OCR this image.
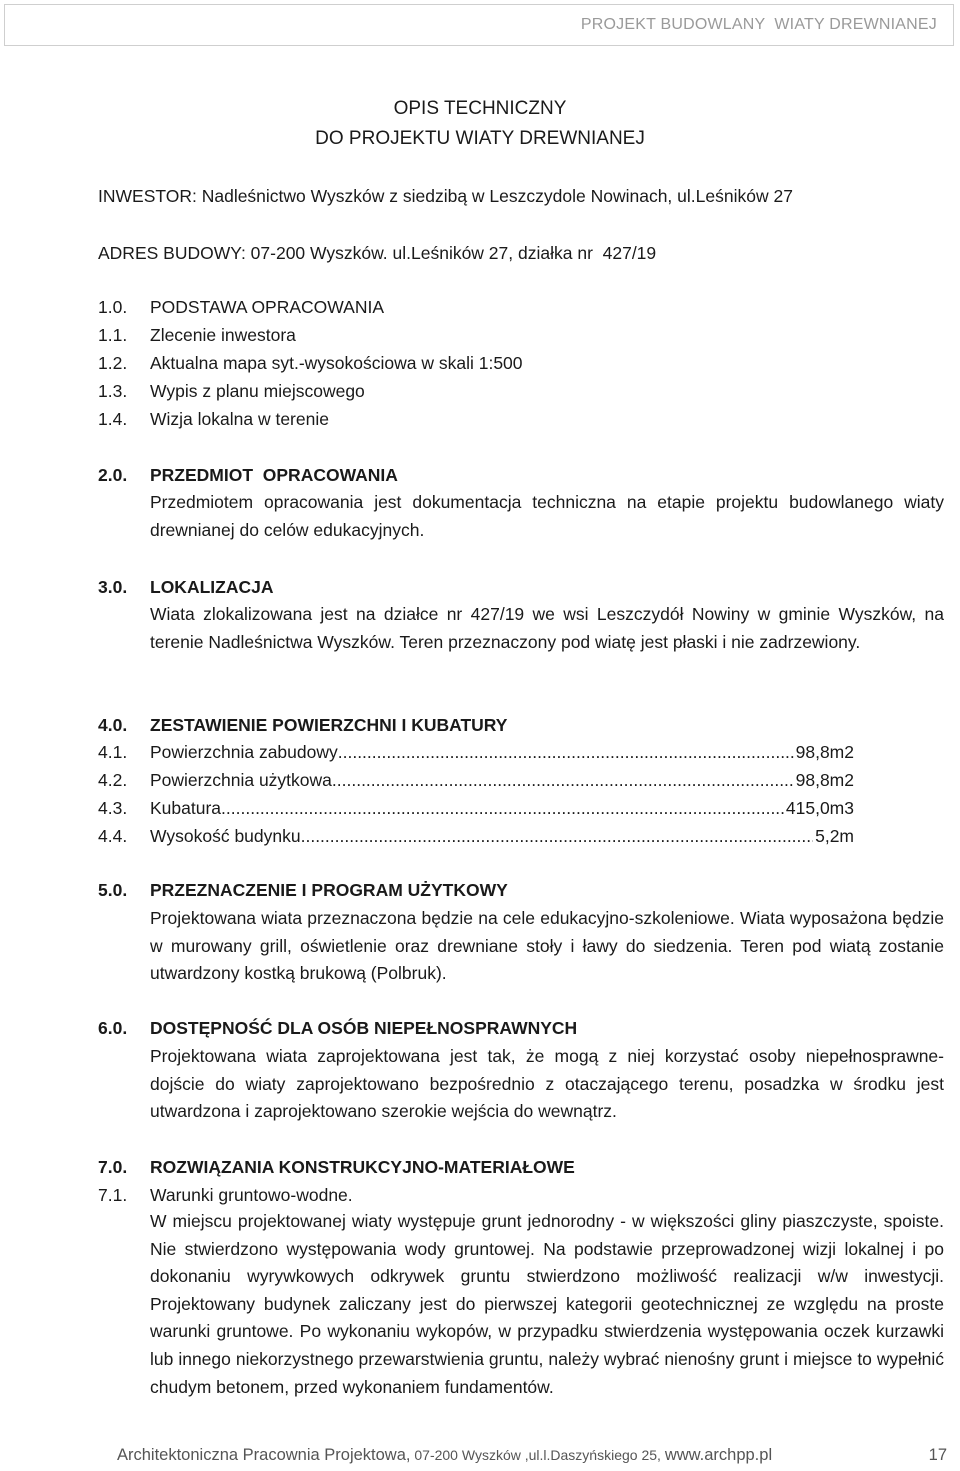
PROJEKT BUDOWLANY  WIATY DREWNIANEJ
OPIS TECHNICZNY
DO PROJEKTU WIATY DREWNIANEJ
INWESTOR: Nadleśnictwo Wyszków z siedzibą w Leszczydole Nowinach, ul.Leśników 27
ADRES BUDOWY: 07-200 Wyszków. ul.Leśników 27, działka nr  427/19
1.0. PODSTAWA OPRACOWANIA
1.1. Zlecenie inwestora
1.2. Aktualna mapa syt.-wysokościowa w skali 1:500
1.3. Wypis z planu miejscowego
1.4. Wizja lokalna w terenie
2.0. PRZEDMIOT  OPRACOWANIA

Przedmiotem opracowania jest dokumentacja techniczna na etapie projektu budowlanego wiaty drewnianej do celów edukacyjnych.

3.0. LOKALIZACJA

Wiata zlokalizowana jest na działce nr 427/19 we wsi Leszczydół Nowiny w gminie Wyszków, na terenie Nadleśnictwa Wyszków. Teren przeznaczony pod wiatę jest płaski i nie zadrzewiony.

4.0. ZESTAWIENIE POWIERZCHNI I KUBATURY
4.1. Powierzchnia zabudowy .....	98,8m2
4.2. Powierzchnia użytkowa .....	98,8m2
4.3. Kubatura .....	415,0m3
4.4. Wysokość budynku .....	5,2m
5.0. PRZEZNACZENIE I PROGRAM UŻYTKOWY

Projektowana wiata przeznaczona będzie na cele edukacyjno-szkoleniowe. Wiata wyposażona będzie w murowany grill, oświetlenie oraz drewniane stoły i ławy do siedzenia. Teren pod wiatą zostanie utwardzony kostką brukową (Polbruk).

6.0. DOSTĘPNOŚĆ DLA OSÓB NIEPEŁNOSPRAWNYCH

Projektowana wiata zaprojektowana jest tak, że mogą z niej korzystać osoby niepełnosprawne- dojście do wiaty zaprojektowano bezpośrednio z otaczającego terenu, posadzka w środku jest utwardzona i zaprojektowano szerokie wejścia do wewnątrz.

7.0. ROZWIĄZANIA KONSTRUKCYJNO-MATERIAŁOWE
7.1. Warunki gruntowo-wodne.

W miejscu projektowanej wiaty występuje grunt jednorodny - w większości gliny piaszczyste, spoiste. Nie stwierdzono występowania wody gruntowej. Na podstawie przeprowadzonej wizji lokalnej i po dokonaniu wyrywkowych odkrywek gruntu stwierdzono możliwość realizacji w/w inwestycji. Projektowany budynek zaliczany jest do pierwszej kategorii geotechnicznej ze względu na proste warunki gruntowe. Po wykonaniu wykopów, w przypadku stwierdzenia występowania oczek kurzawki lub innego niekorzystnego przewarstwienia gruntu, należy wybrać nienośny grunt i miejsce to wypełnić chudym betonem, przed wykonaniem fundamentów.

Architektoniczna Pracownia Projektowa, 07-200 Wyszków ,ul.l.Daszyńskiego 25, www.archpp.pl	17
